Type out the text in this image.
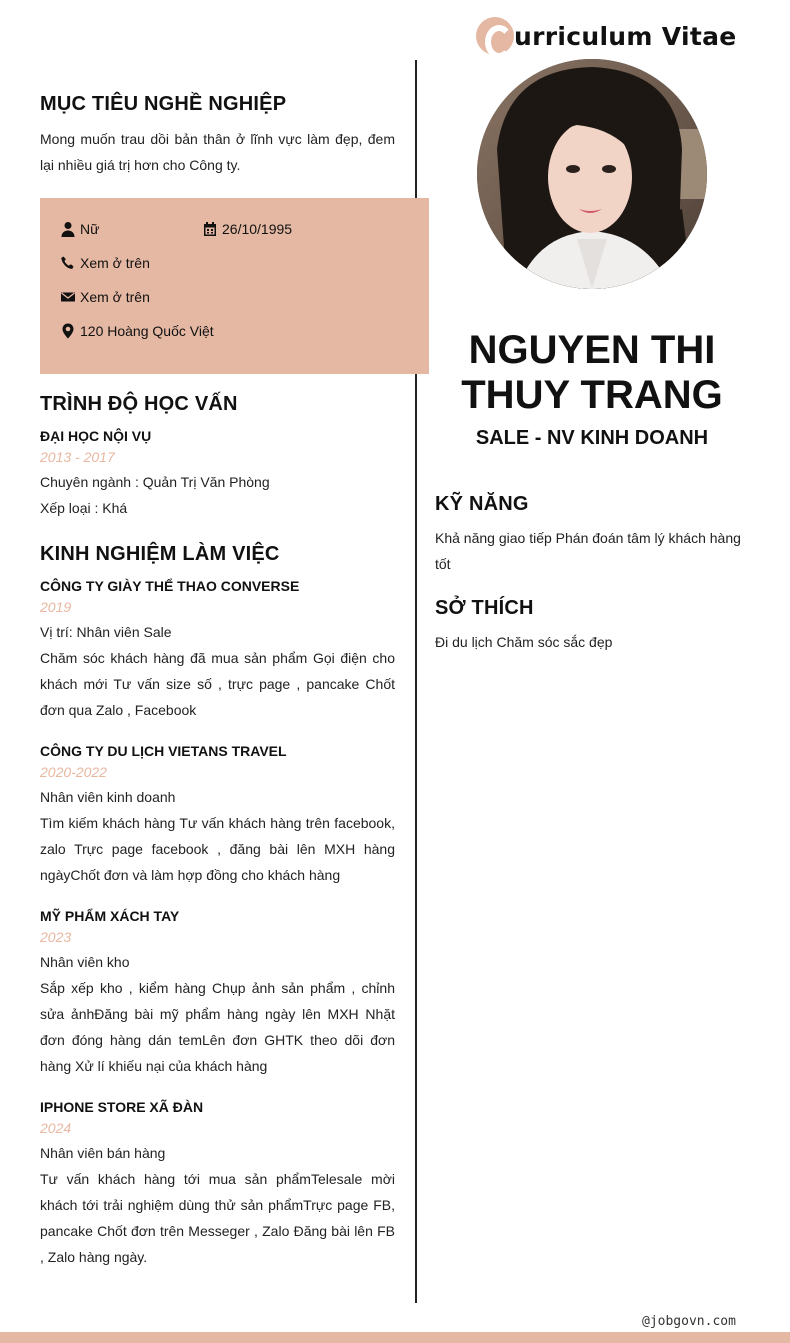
urriculum Vitae
MỤC TIÊU NGHỀ NGHIỆP
Mong muốn trau dồi bản thân ở lĩnh vực làm đẹp, đem lại nhiều giá trị hơn cho Công ty.
TRÌNH ĐỘ HỌC VẤN
ĐẠI HỌC NỘI VỤ
2013 - 2017
Chuyên ngành : Quản Trị Văn Phòng
Xếp loại : Khá
KINH NGHIỆM LÀM VIỆC
CÔNG TY GIÀY THỂ THAO CONVERSE
2019
Vị trí: Nhân viên Sale
Chăm sóc khách hàng đã mua sản phẩm Gọi điện cho khách mới Tư vấn size số , trực page , pancake Chốt đơn qua Zalo , Facebook
CÔNG TY DU LỊCH VIETANS TRAVEL
2020-2022
Nhân viên kinh doanh
Tìm kiếm khách hàng Tư vấn khách hàng trên facebook, zalo Trực page facebook , đăng bài lên MXH hàng ngàyChốt đơn và làm hợp đồng cho khách hàng
MỸ PHẨM XÁCH TAY
2023
Nhân viên kho
Sắp xếp kho , kiểm hàng Chụp ảnh sản phẩm , chỉnh sửa ảnhĐăng bài mỹ phẩm hàng ngày lên MXH Nhặt đơn đóng hàng dán temLên đơn GHTK theo dõi đơn hàng Xử lí khiếu nại của khách hàng
IPHONE STORE XÃ ĐÀN
2024
Nhân viên bán hàng
Tư vấn khách hàng tới mua sản phẩmTelesale mời khách tới trải nghiệm dùng thử sản phẩmTrực page FB, pancake Chốt đơn trên Messeger , Zalo Đăng bài lên FB , Zalo hàng ngày.
Nữ	26/10/1995
Xem ở trên
Xem ở trên
120 Hoàng Quốc Việt	NGUYEN THI
THUY TRANG
SALE - NV KINH DOANH
KỸ NĂNG
Khả năng giao tiếp Phán đoán tâm lý khách hàng tốt
SỞ THÍCH
Đi du lịch Chăm sóc sắc đẹp
@jobgovn.com
